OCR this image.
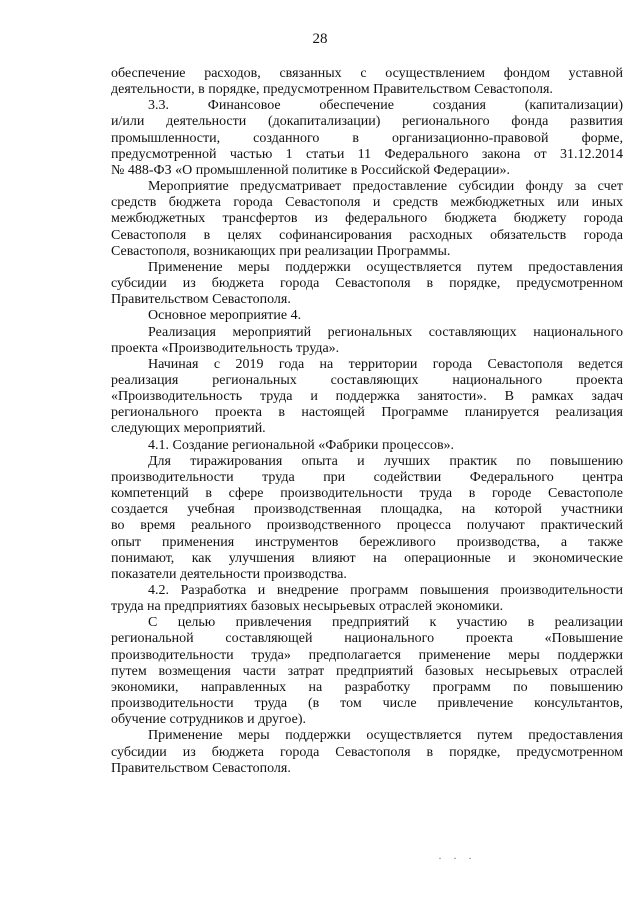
28

обеспечение расходов, связанных с осуществлением фондом уставной

деятельности, в порядке, предусмотренном Правительством Севастополя.

3.3. Финансовое обеспечение создания (капитализации)

и/или деятельности (докапитализации) регионального фонда развития

промышленности, созданного в организационно-правовой форме,

предусмотренной частью 1 статьи 11 Федерального закона от 31.12.2014

№ 488-ФЗ «О промышленной политике в Российской Федерации».

Мероприятие предусматривает предоставление субсидии фонду за счет

средств бюджета города Севастополя и средств межбюджетных или иных

межбюджетных трансфертов из федерального бюджета бюджету города

Севастополя в целях софинансирования расходных обязательств города

Севастополя, возникающих при реализации Программы.

Применение меры поддержки осуществляется путем предоставления

субсидии из бюджета города Севастополя в порядке, предусмотренном

Правительством Севастополя.

Основное мероприятие 4.

Реализация мероприятий региональных составляющих национального

проекта «Производительность труда».

Начиная с 2019 года на территории города Севастополя ведется

реализация региональных составляющих национального проекта

«Производительность труда и поддержка занятости». В рамках задач

регионального проекта в настоящей Программе планируется реализация

следующих мероприятий.

4.1. Создание региональной «Фабрики процессов».

Для тиражирования опыта и лучших практик по повышению

производительности труда при содействии Федерального центра

компетенций в сфере производительности труда в городе Севастополе

создается учебная производственная площадка, на которой участники

во время реального производственного процесса получают практический

опыт применения инструментов бережливого производства, а также

понимают, как улучшения влияют на операционные и экономические

показатели деятельности производства.

4.2. Разработка и внедрение программ повышения производительности

труда на предприятиях базовых несырьевых отраслей экономики.

С целью привлечения предприятий к участию в реализации

региональной составляющей национального проекта «Повышение

производительности труда» предполагается применение меры поддержки

путем возмещения части затрат предприятий базовых несырьевых отраслей

экономики, направленных на разработку программ по повышению

производительности труда (в том числе привлечение консультантов,

обучение сотрудников и другое).

Применение меры поддержки осуществляется путем предоставления

субсидии из бюджета города Севастополя в порядке, предусмотренном

Правительством Севастополя.

· · ·
